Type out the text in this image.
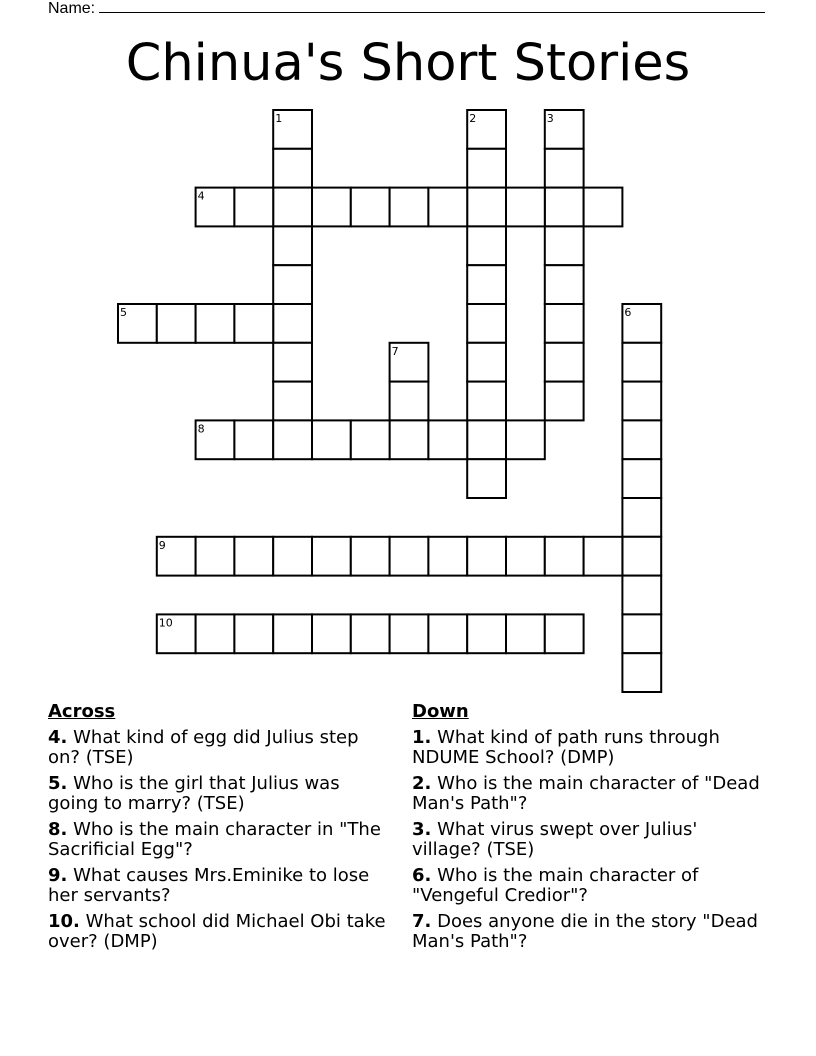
Name:
Chinua's Short Stories
1	2	3
4
5	6
7
8
9
10
Across
4. What kind of egg did Julius step on? (TSE)
5. Who is the girl that Julius was going to marry? (TSE)
8. Who is the main character in "The Sacrificial Egg"?
9. What causes Mrs.Eminike to lose her servants?
10. What school did Michael Obi take over? (DMP)
Down
1. What kind of path runs through NDUME School? (DMP)
2. Who is the main character of "Dead Man's Path"?
3. What virus swept over Julius' village? (TSE)
6. Who is the main character of "Vengeful Credior"?
7. Does anyone die in the story "Dead Man's Path"?
